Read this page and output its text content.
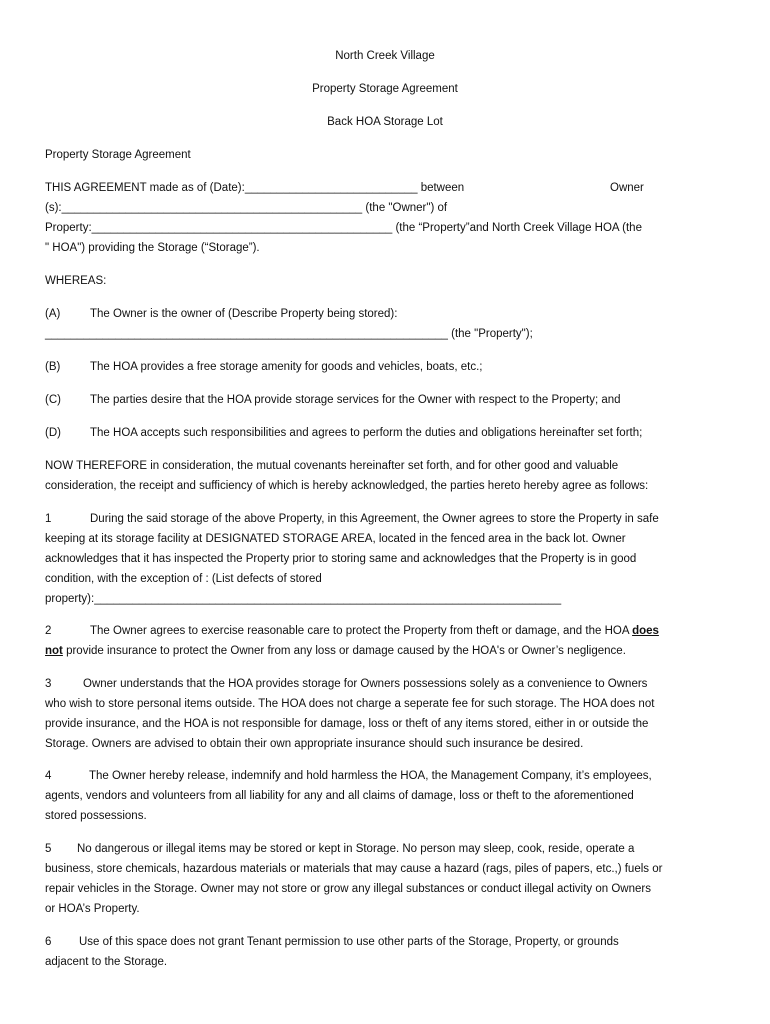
North Creek Village
Property Storage Agreement
Back HOA Storage Lot
Property Storage Agreement
THIS AGREEMENT made as of (Date):___________________________ between	Owner
(s):_______________________________________________ (the "Owner") of
Property:_______________________________________________ (the “Property”and North Creek Village HOA (the
" HOA") providing the Storage (“Storage”).
WHEREAS:
(A)	The Owner is the owner of (Describe Property being stored):
_______________________________________________________________ (the "Property");
(B)	The HOA provides a free storage amenity for goods and vehicles, boats, etc.;
(C)	The parties desire that the HOA provide storage services for the Owner with respect to the Property; and
(D)	The HOA accepts such responsibilities and agrees to perform the duties and obligations hereinafter set forth;
NOW THEREFORE in consideration, the mutual covenants hereinafter set forth, and for other good and valuable
consideration, the receipt and sufficiency of which is hereby acknowledged, the parties hereto hereby agree as follows:
1	During the said storage of the above Property, in this Agreement, the Owner agrees to store the Property in safe
keeping at its storage facility at DESIGNATED STORAGE AREA, located in the fenced area in the back lot. Owner
acknowledges that it has inspected the Property prior to storing same and acknowledges that the Property is in good
condition, with the exception of : (List defects of stored
property):_________________________________________________________________________
2	The Owner agrees to exercise reasonable care to protect the Property from theft or damage, and the HOA does
not provide insurance to protect the Owner from any loss or damage caused by the HOA's or Owner’s negligence.
3	Owner understands that the HOA provides storage for Owners possessions solely as a convenience to Owners
who wish to store personal items outside. The HOA does not charge a seperate fee for such storage. The HOA does not
provide insurance, and the HOA is not responsible for damage, loss or theft of any items stored, either in or outside the
Storage. Owners are advised to obtain their own appropriate insurance should such insurance be desired.
4	The Owner hereby release, indemnify and hold harmless the HOA, the Management Company, it’s employees,
agents, vendors and volunteers from all liability for any and all claims of damage, loss or theft to the aforementioned
stored possessions.
5 No dangerous or illegal items may be stored or kept in Storage. No person may sleep, cook, reside, operate a
business, store chemicals, hazardous materials or materials that may cause a hazard (rags, piles of papers, etc.,) fuels or
repair vehicles in the Storage. Owner may not store or grow any illegal substances or conduct illegal activity on Owners
or HOA’s Property.
6 Use of this space does not grant Tenant permission to use other parts of the Storage, Property, or grounds
adjacent to the Storage.
